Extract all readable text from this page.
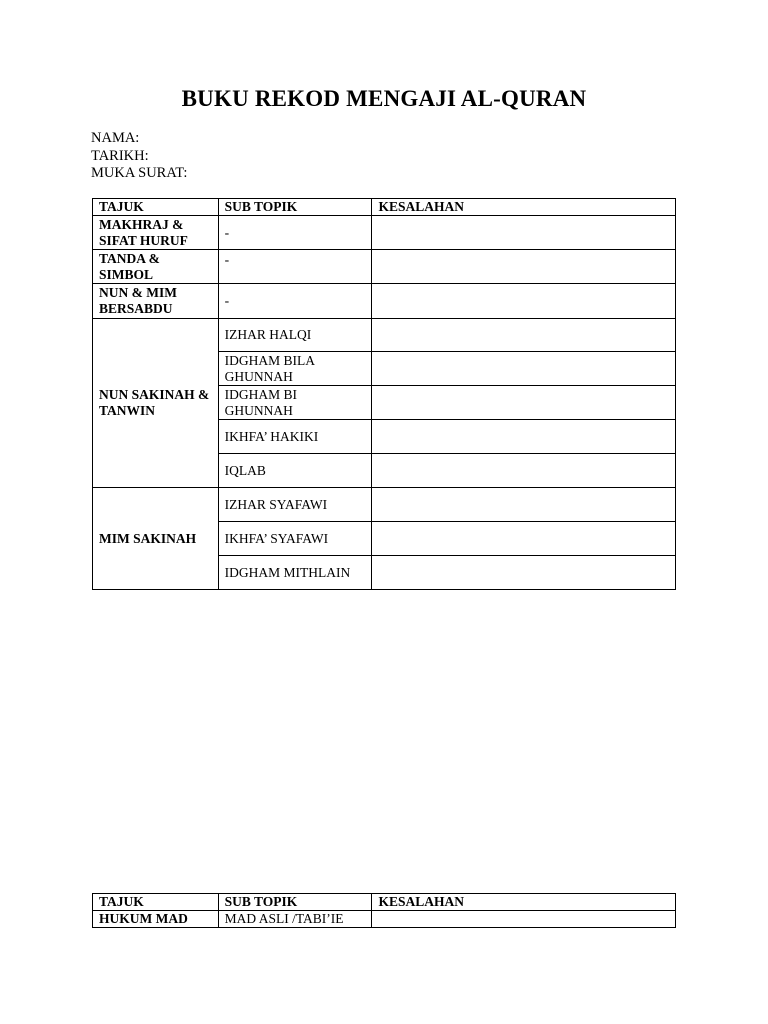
BUKU REKOD MENGAJI AL-QURAN
NAMA:
TARIKH:
MUKA SURAT:
TAJUK	SUB TOPIK	KESALAHAN
MAKHRAJ & SIFAT HURUF	-	
TANDA & SIMBOL	-	
NUN & MIM BERSABDU	-	
NUN SAKINAH & TANWIN	IZHAR HALQI	
	IDGHAM BILA GHUNNAH	
	IDGHAM BI GHUNNAH	
	IKHFA’ HAKIKI	
	IQLAB	
MIM SAKINAH	IZHAR SYAFAWI	
	IKHFA’ SYAFAWI	
	IDGHAM MITHLAIN	
TAJUK	SUB TOPIK	KESALAHAN
HUKUM MAD	MAD ASLI /TABI’IE	
